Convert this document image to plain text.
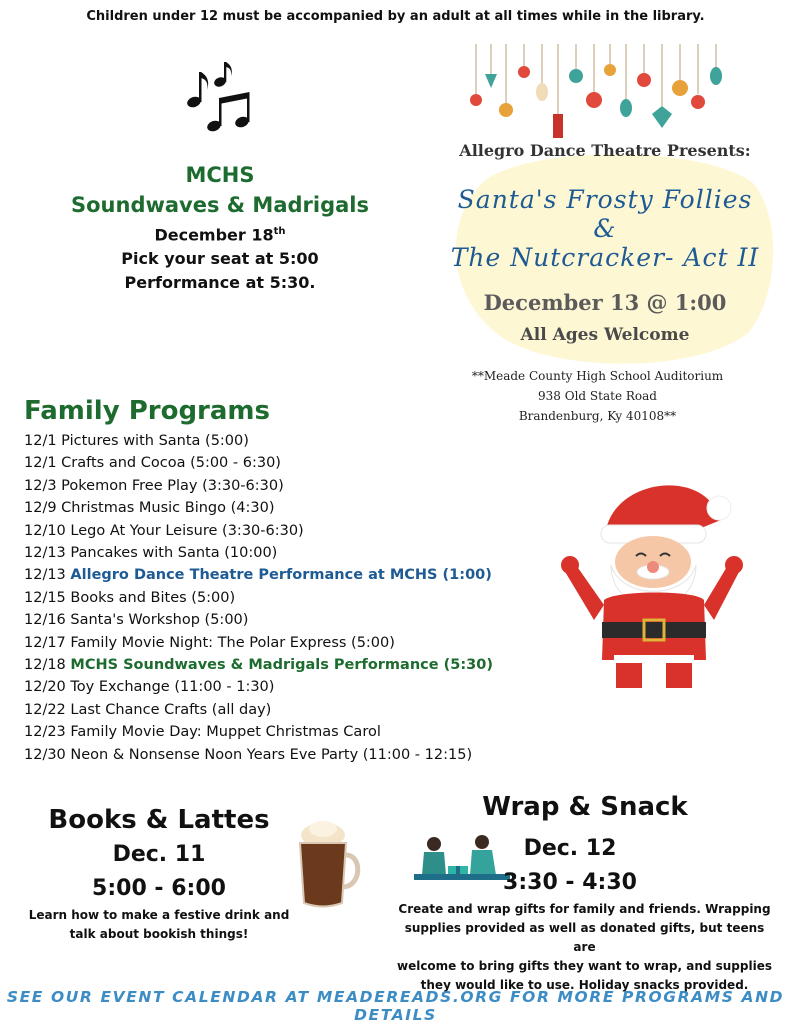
Children under 12 must be accompanied by an adult at all times while in the library.
MCHS
Soundwaves & Madrigals
December 18th
Pick your seat at 5:00
Performance at 5:30.
Allegro Dance Theatre Presents:
Santa's Frosty Follies
&
The Nutcracker- Act II
December 13 @ 1:00
All Ages Welcome
**Meade County High School Auditorium
938 Old State Road
Brandenburg, Ky 40108**
Family Programs
12/1 Pictures with Santa (5:00)
12/1 Crafts and Cocoa (5:00 - 6:30)
12/3 Pokemon Free Play (3:30-6:30)
12/9 Christmas Music Bingo (4:30)
12/10 Lego At Your Leisure (3:30-6:30)
12/13 Pancakes with Santa (10:00)
12/13 Allegro Dance Theatre Performance at MCHS (1:00)
12/15 Books and Bites (5:00)
12/16 Santa's Workshop (5:00)
12/17 Family Movie Night: The Polar Express (5:00)
12/18 MCHS Soundwaves & Madrigals Performance (5:30)
12/20 Toy Exchange (11:00 - 1:30)
12/22 Last Chance Crafts (all day)
12/23 Family Movie Day: Muppet Christmas Carol
12/30 Neon & Nonsense Noon Years Eve Party (11:00 - 12:15)
Books & Lattes
Dec. 11
5:00 - 6:00
Learn how to make a festive drink and
talk about bookish things!
Wrap & Snack
Dec. 12
3:30 - 4:30
Create and wrap gifts for family and friends. Wrapping
supplies provided as well as donated gifts, but teens are
welcome to bring gifts they want to wrap, and supplies
they would like to use. Holiday snacks provided.
SEE OUR EVENT CALENDAR AT MEADEREADS.ORG FOR MORE PROGRAMS AND DETAILS
